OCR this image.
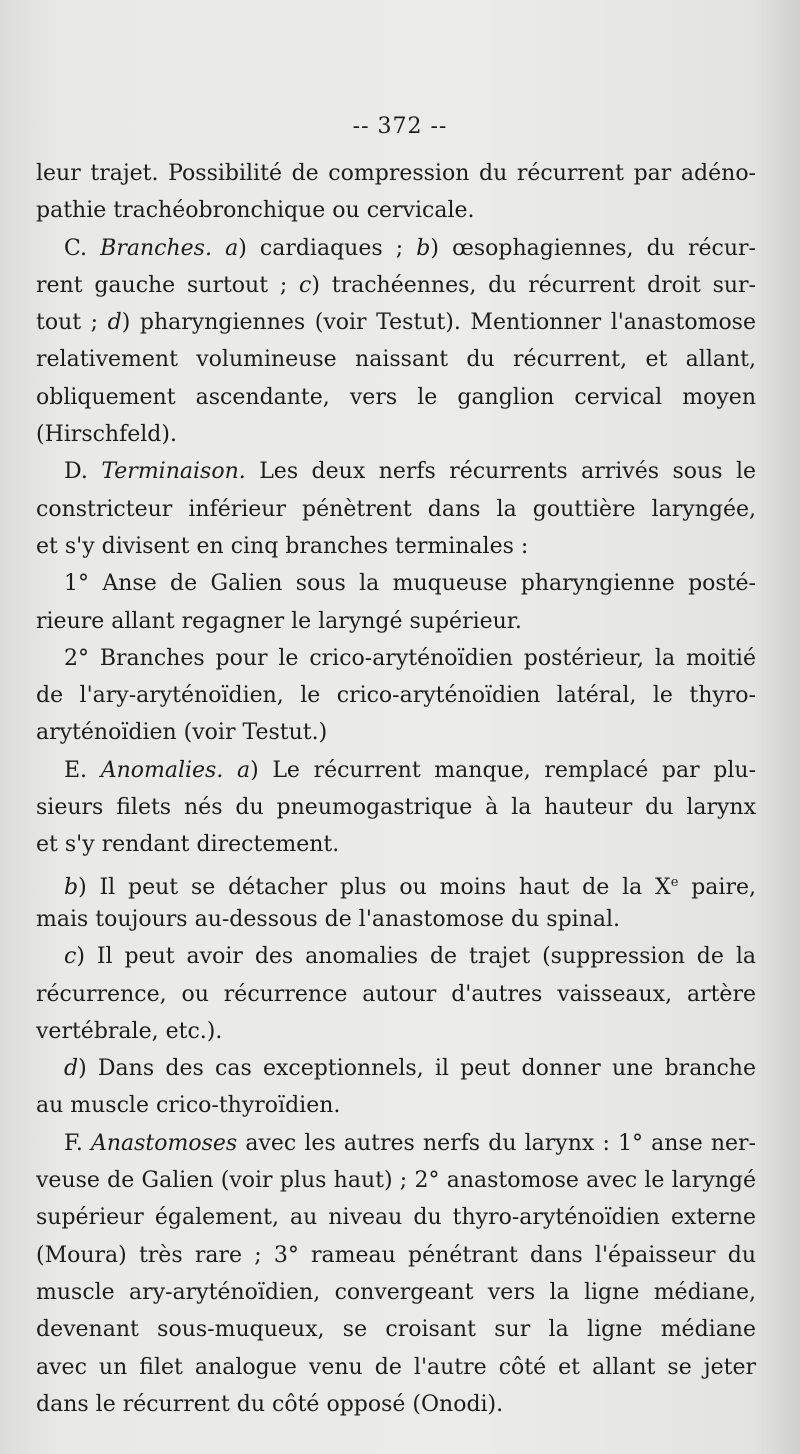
-- 372 --
leur trajet. Possibilité de compression du récurrent par adéno-
pathie trachéobronchique ou cervicale.
C. Branches. a) cardiaques ; b) œsophagiennes, du récur-
rent gauche surtout ; c) trachéennes, du récurrent droit sur-
tout ; d) pharyngiennes (voir Testut). Mentionner l'anastomose
relativement volumineuse naissant du récurrent, et allant,
obliquement ascendante, vers le ganglion cervical moyen
(Hirschfeld).
D. Terminaison. Les deux nerfs récurrents arrivés sous le
constricteur inférieur pénètrent dans la gouttière laryngée,
et s'y divisent en cinq branches terminales :
1° Anse de Galien sous la muqueuse pharyngienne posté-
rieure allant regagner le laryngé supérieur.
2° Branches pour le crico-aryténoïdien postérieur, la moitié
de l'ary-aryténoïdien, le crico-aryténoïdien latéral, le thyro-
aryténoïdien (voir Testut.)
E. Anomalies. a) Le récurrent manque, remplacé par plu-
sieurs filets nés du pneumogastrique à la hauteur du larynx
et s'y rendant directement.
b) Il peut se détacher plus ou moins haut de la Xe paire,
mais toujours au-dessous de l'anastomose du spinal.
c) Il peut avoir des anomalies de trajet (suppression de la
récurrence, ou récurrence autour d'autres vaisseaux, artère
vertébrale, etc.).
d) Dans des cas exceptionnels, il peut donner une branche
au muscle crico-thyroïdien.
F. Anastomoses avec les autres nerfs du larynx : 1° anse ner-
veuse de Galien (voir plus haut) ; 2° anastomose avec le laryngé
supérieur également, au niveau du thyro-aryténoïdien externe
(Moura) très rare ; 3° rameau pénétrant dans l'épaisseur du
muscle ary-aryténoïdien, convergeant vers la ligne médiane,
devenant sous-muqueux, se croisant sur la ligne médiane
avec un filet analogue venu de l'autre côté et allant se jeter
dans le récurrent du côté opposé (Onodi).
